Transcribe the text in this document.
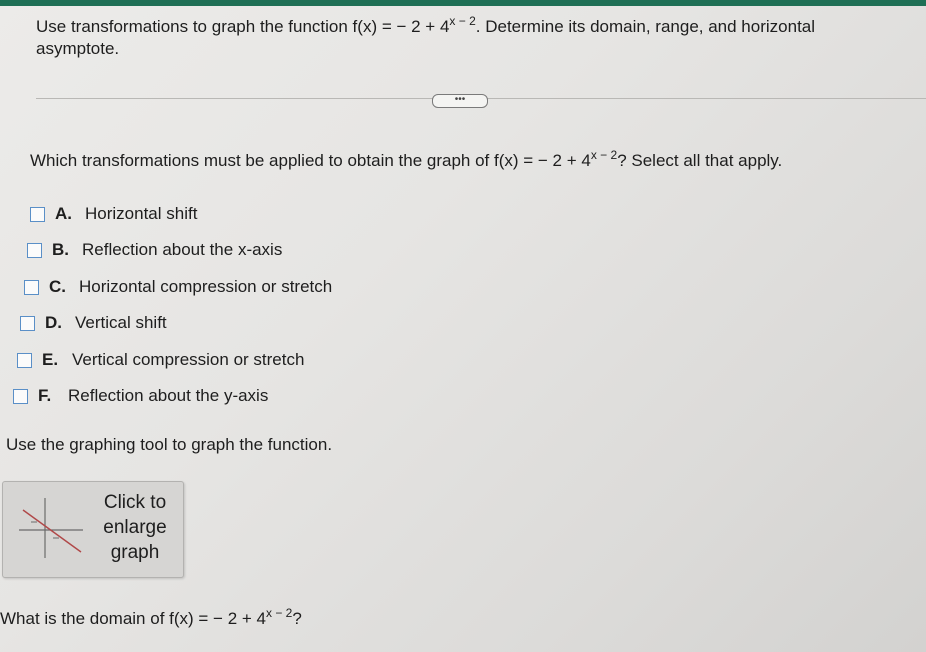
Use transformations to graph the function f(x) = − $2 + 4^{x - 2}$. Determine its domain, range, and horizontal asymptote.
•••
Which transformations must be applied to obtain the graph of f(x) = − $2 + 4^{x - 2}$? Select all that apply.
A. Horizontal shift
B. Reflection about the x-axis
C. Horizontal compression or stretch
D. Vertical shift
E. Vertical compression or stretch
F. Reflection about the y-axis
Use the graphing tool to graph the function.
Click to enlarge graph
What is the domain of f(x) = − $2 + 4^{x - 2}$?
